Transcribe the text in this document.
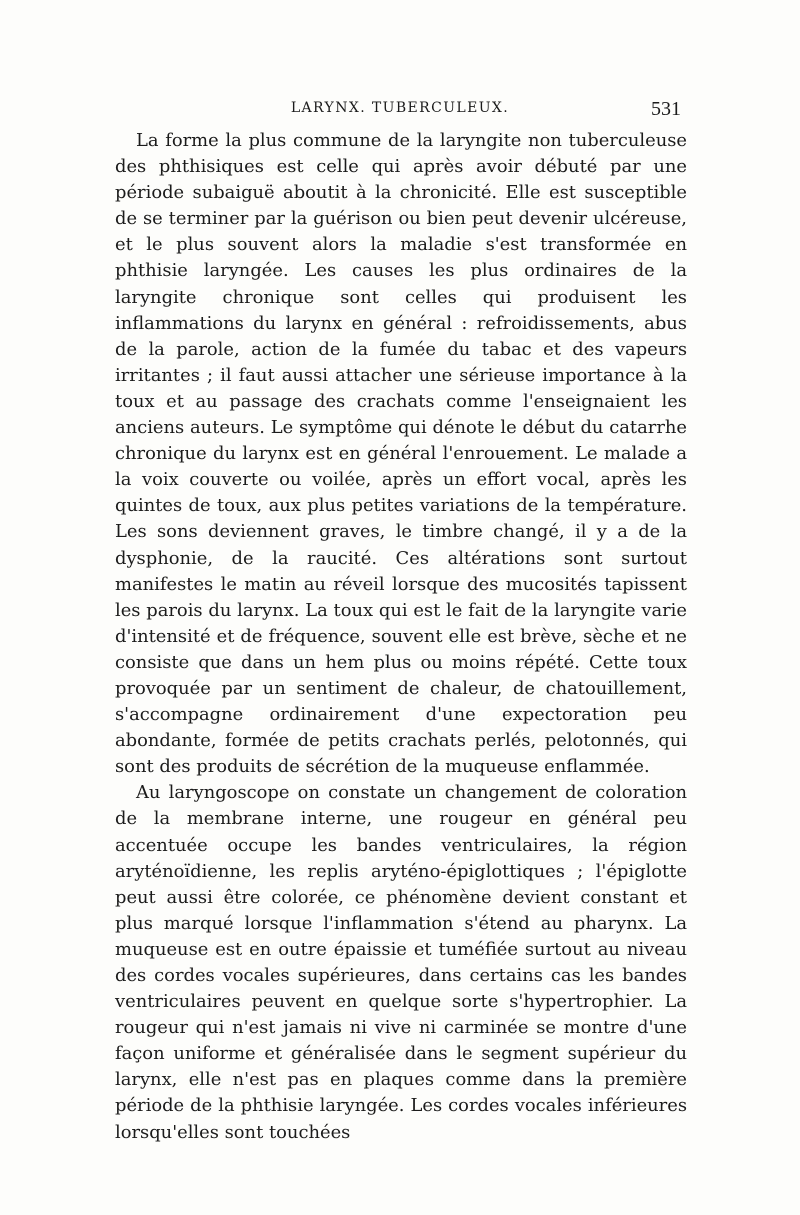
LARYNX. TUBERCULEUX.	531

La forme la plus commune de la laryngite non tuberculeuse des phthisiques est celle qui après avoir débuté par une période subaiguë aboutit à la chronicité. Elle est susceptible de se terminer par la guérison ou bien peut devenir ulcéreuse, et le plus souvent alors la maladie s'est transformée en phthisie laryngée. Les causes les plus ordinaires de la laryngite chronique sont celles qui produisent les inflammations du larynx en général : refroidissements, abus de la parole, action de la fumée du tabac et des vapeurs irritantes ; il faut aussi attacher une sérieuse importance à la toux et au passage des crachats comme l'enseignaient les anciens auteurs. Le symptôme qui dénote le début du catarrhe chronique du larynx est en général l'enrouement. Le malade a la voix couverte ou voilée, après un effort vocal, après les quintes de toux, aux plus petites variations de la température. Les sons deviennent graves, le timbre changé, il y a de la dysphonie, de la raucité. Ces altérations sont surtout manifestes le matin au réveil lorsque des mucosités tapissent les parois du larynx. La toux qui est le fait de la laryngite varie d'intensité et de fréquence, souvent elle est brève, sèche et ne consiste que dans un hem plus ou moins répété. Cette toux provoquée par un sentiment de chaleur, de chatouillement, s'accompagne ordinairement d'une expectoration peu abondante, formée de petits crachats perlés, pelotonnés, qui sont des produits de sécrétion de la muqueuse enflammée.

Au laryngoscope on constate un changement de coloration de la membrane interne, une rougeur en général peu accentuée occupe les bandes ventriculaires, la région aryténoïdienne, les replis aryténo-épiglottiques ; l'épiglotte peut aussi être colorée, ce phénomène devient constant et plus marqué lorsque l'inflammation s'étend au pharynx. La muqueuse est en outre épaissie et tuméfiée surtout au niveau des cordes vocales supérieures, dans certains cas les bandes ventriculaires peuvent en quelque sorte s'hypertrophier. La rougeur qui n'est jamais ni vive ni carminée se montre d'une façon uniforme et généralisée dans le segment supérieur du larynx, elle n'est pas en plaques comme dans la première période de la phthisie laryngée. Les cordes vocales inférieures lorsqu'elles sont touchées
